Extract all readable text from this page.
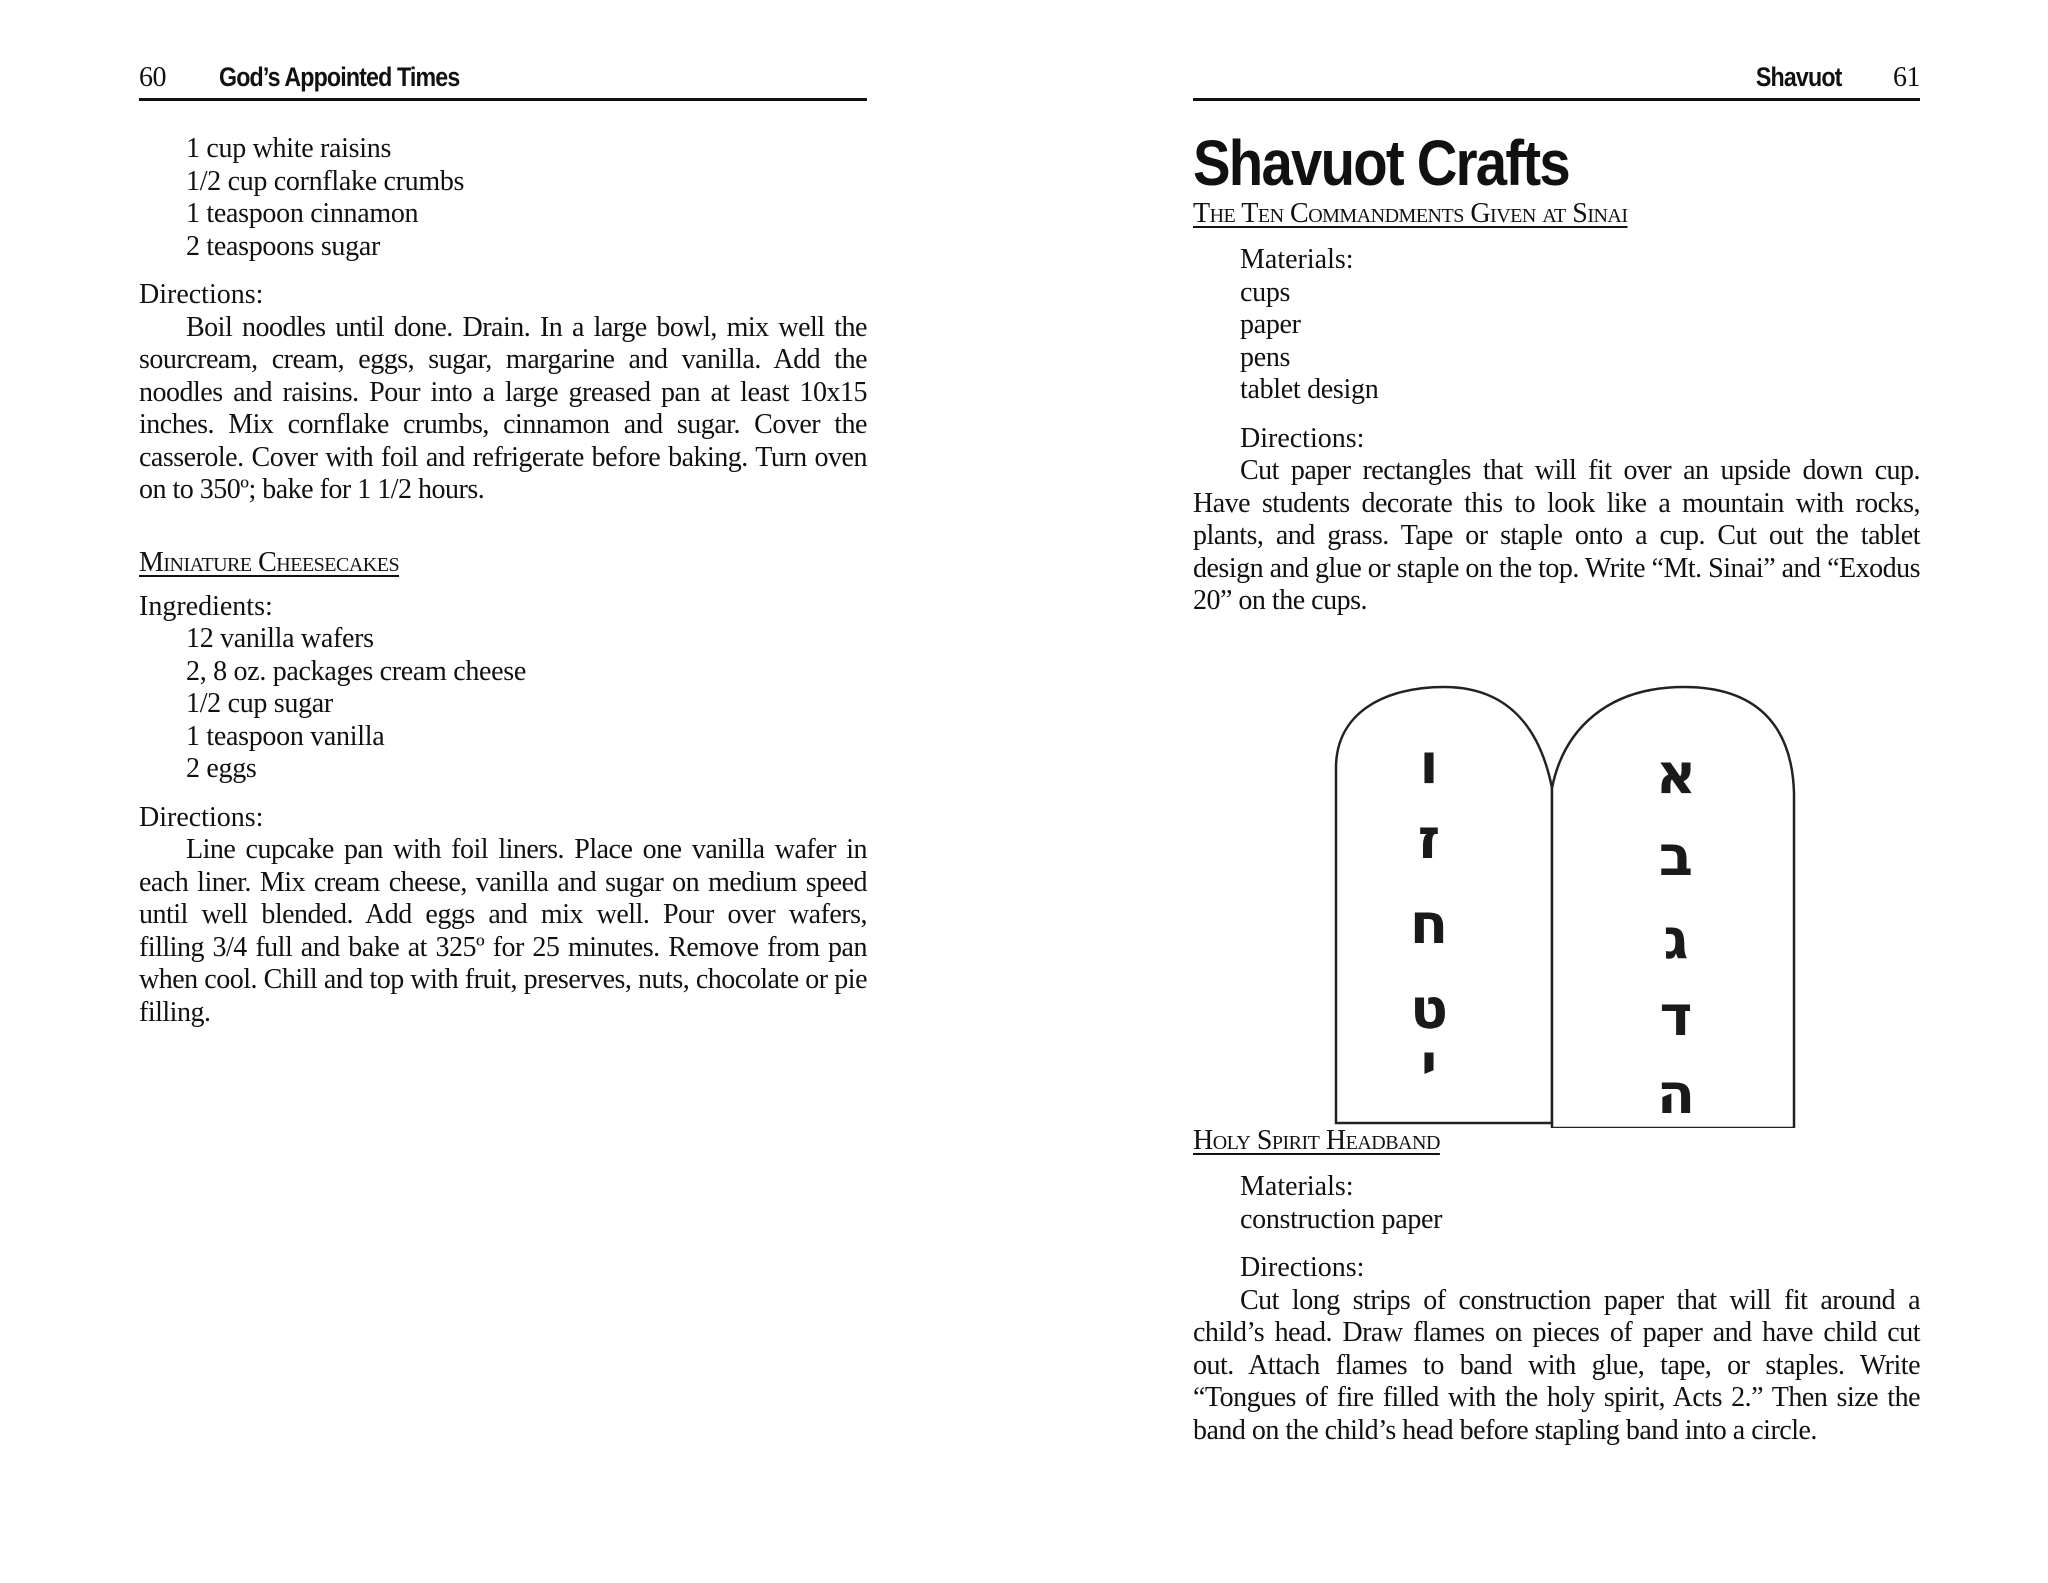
60 God’s Appointed Times
1 cup white raisins
1/2 cup cornflake crumbs
1 teaspoon cinnamon
2 teaspoons sugar
Directions:

Boil noodles until done. Drain. In a large bowl, mix well the sourcream, cream, eggs, sugar, margarine and vanilla. Add the noodles and raisins. Pour into a large greased pan at least 10x15 inches. Mix cornflake crumbs, cinnamon and sugar. Cover the casserole. Cover with foil and refrigerate before baking. Turn oven on to 350º; bake for 1 1/2 hours.

Miniature Cheesecakes
Ingredients:
12 vanilla wafers
2, 8 oz. packages cream cheese
1/2 cup sugar
1 teaspoon vanilla
2 eggs
Directions:

Line cupcake pan with foil liners. Place one vanilla wafer in each liner. Mix cream cheese, vanilla and sugar on medium speed until well blended. Add eggs and mix well. Pour over wafers, filling 3/4 full and bake at 325º for 25 minutes. Remove from pan when cool. Chill and top with fruit, preserves, nuts, chocolate or pie filling.

Shavuot 61
Shavuot Crafts
The Ten Commandments Given at Sinai
Materials:
cups
paper
pens
tablet design
Directions:

Cut paper rectangles that will fit over an upside down cup. Have students decorate this to look like a mountain with rocks, plants, and grass. Tape or staple onto a cup. Cut out the tablet design and glue or staple on the top. Write “Mt. Sinai” and “Exodus 20” on the cups.

Holy Spirit Headband
Materials:
construction paper
Directions:

Cut long strips of construction paper that will fit around a child’s head. Draw flames on pieces of paper and have child cut out. Attach flames to band with glue, tape, or staples. Write “Tongues of fire filled with the holy spirit, Acts 2.” Then size the band on the child’s head before stapling band into a circle.

ו
ז
ח
ט
י
א
ב
ג
ד
ה
